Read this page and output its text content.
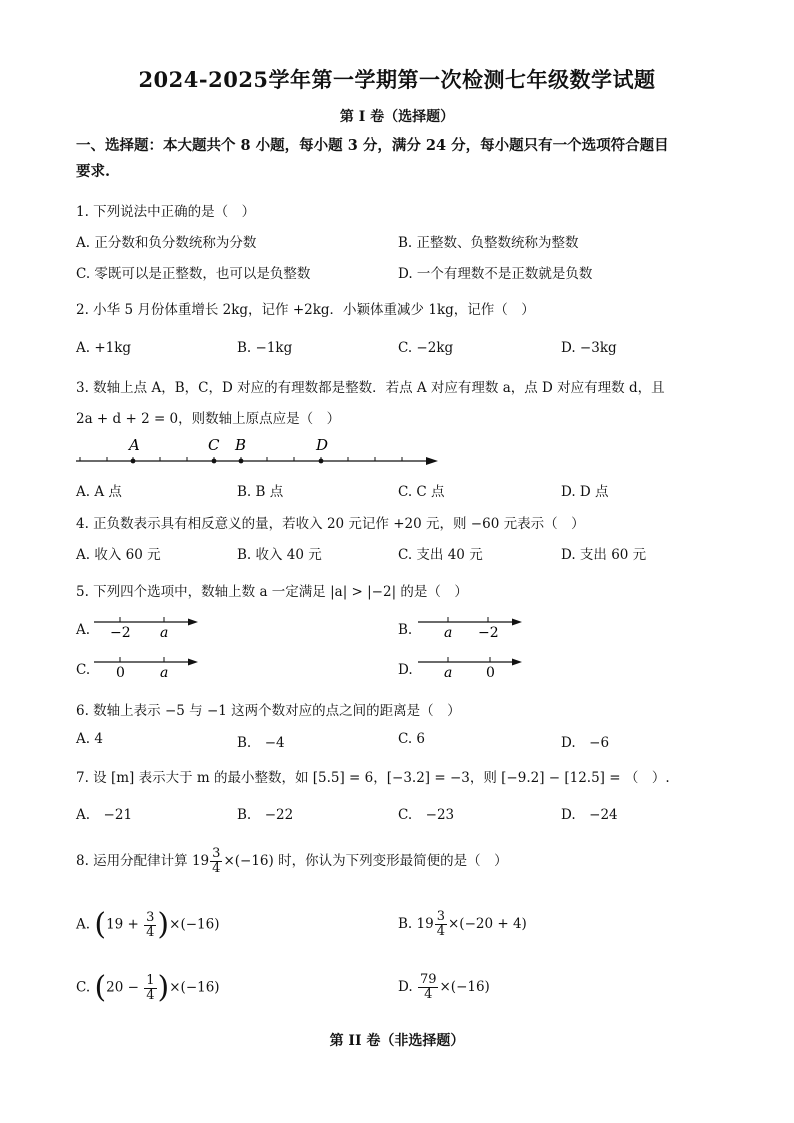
2024-2025学年第一学期第一次检测七年级数学试题
第 I 卷（选择题）
一、选择题：本大题共个 8 小题，每小题 3 分，满分 24 分，每小题只有一个选项符合题目
要求.
1. 下列说法中正确的是（　）
A. 正分数和负分数统称为分数	B. 正整数、负整数统称为整数
C. 零既可以是正整数，也可以是负整数	D. 一个有理数不是正数就是负数
2. 小华 5 月份体重增长 2kg，记作 +2kg．小颖体重减少 1kg，记作（　）
A. +1kg	B. −1kg	C. −2kg	D. −3kg
3. 数轴上点 A，B，C，D 对应的有理数都是整数．若点 A 对应有理数 a，点 D 对应有理数 d，且
2a + d + 2 = 0，则数轴上原点应是（　）
A	C B	D
A. A 点	B. B 点	C. C 点	D. D 点
4. 正负数表示具有相反意义的量，若收入 20 元记作 +20 元，则 −60 元表示（　）
A. 收入 60 元	B. 收入 40 元	C. 支出 40 元	D. 支出 60 元
5. 下列四个选项中，数轴上数 a 一定满足 |a| > |−2| 的是（　）
A. −2 a	B. a −2
C. 0	a	D. a 0
6. 数轴上表示 −5 与 −1 这两个数对应的点之间的距离是（　）
A. 4	B.　−4	C. 6	D.　−6
7. 设 [m] 表示大于 m 的最小整数，如 [5.5] = 6，[−3.2] = −3，则 [−9.2] − [12.5] = （　）.
A.　−21	B.　−22	C.　−23	D.　−24
8. 运用分配律计算 $19 \frac{3}{4} \times(-16)$ 时，你认为下列变形最简便的是（　）
A. $(19 + \frac{3}{4} )\times(-16)$	B. $19 \frac{3}{4} \times(-20 + 4)$
C. $(20 - \frac{1}{4} )\times(-16)$	D. $\frac{79}{4} \times(-16)$
第 II 卷（非选择题）
